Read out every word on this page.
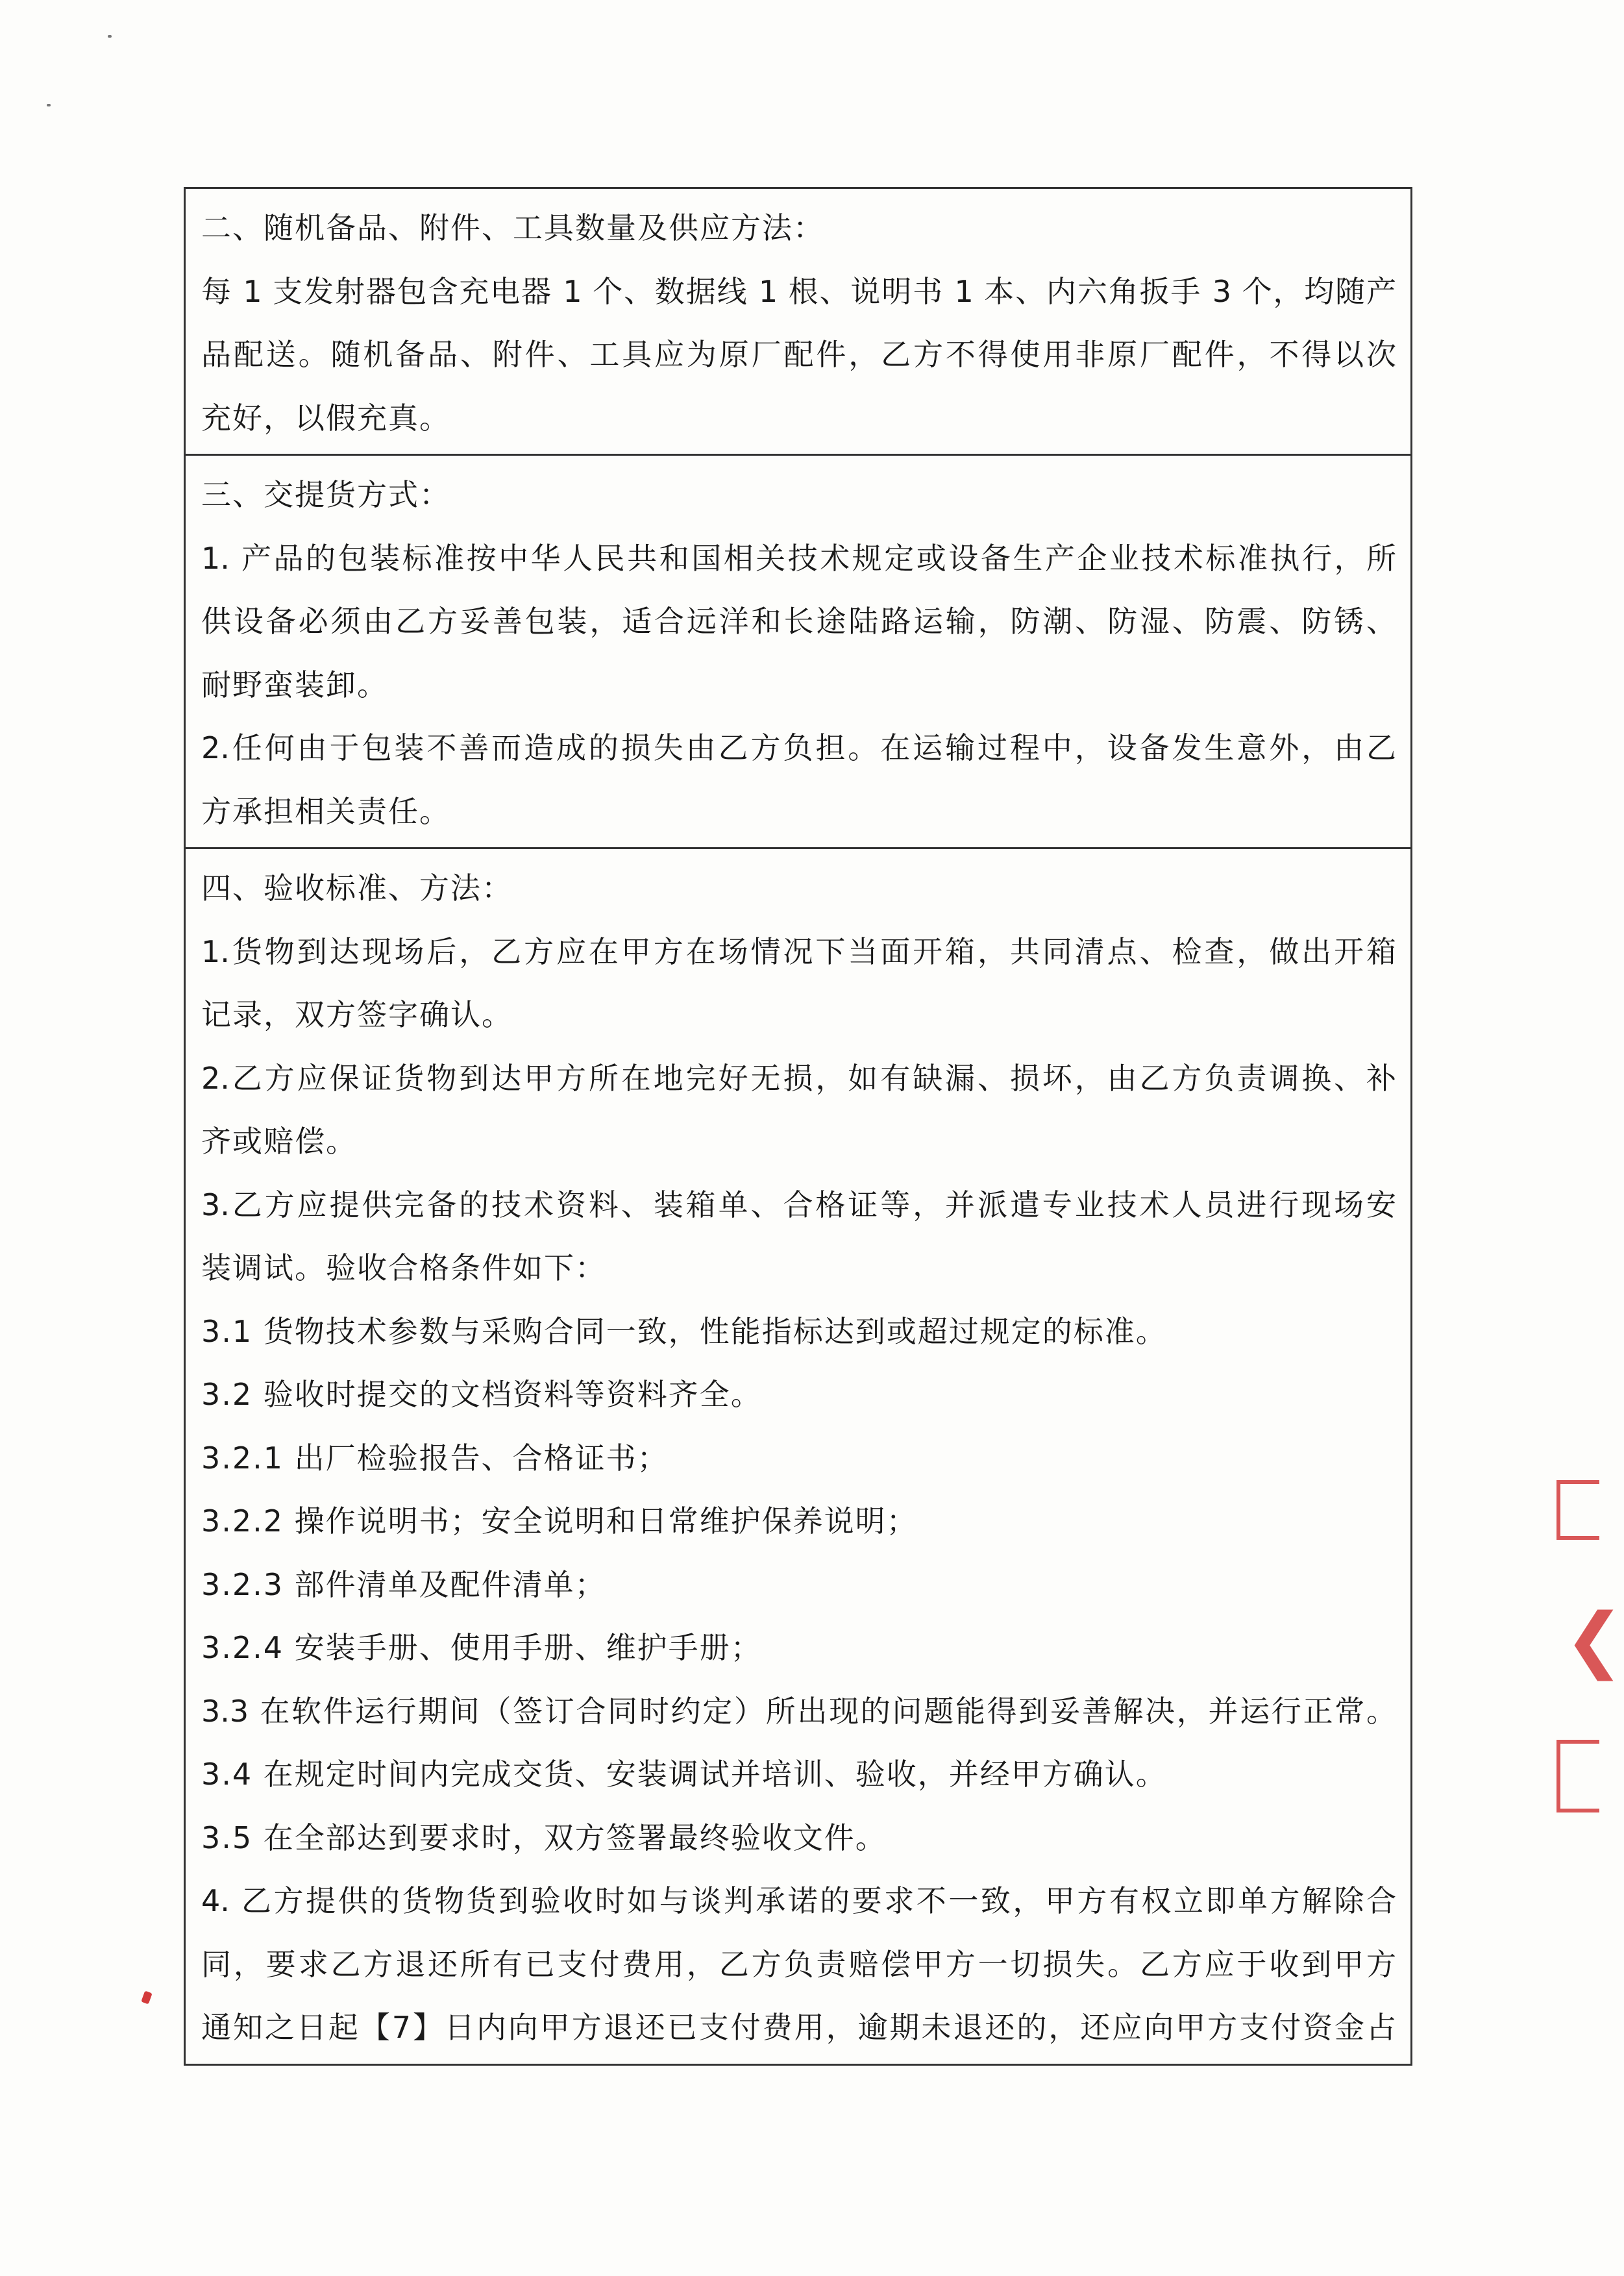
二、随机备品、附件、工具数量及供应方法：
每 1 支发射器包含充电器 1 个、数据线 1 根、说明书 1 本、内六角扳手 3 个，均随产
品配送。随机备品、附件、工具应为原厂配件，乙方不得使用非原厂配件，不得以次
充好，以假充真。
三、交提货方式：
1. 产品的包装标准按中华人民共和国相关技术规定或设备生产企业技术标准执行，所
供设备必须由乙方妥善包装，适合远洋和长途陆路运输，防潮、防湿、防震、防锈、
耐野蛮装卸。
2.任何由于包装不善而造成的损失由乙方负担。在运输过程中，设备发生意外，由乙
方承担相关责任。
四、验收标准、方法：
1.货物到达现场后，乙方应在甲方在场情况下当面开箱，共同清点、检查，做出开箱
记录，双方签字确认。
2.乙方应保证货物到达甲方所在地完好无损，如有缺漏、损坏，由乙方负责调换、补
齐或赔偿。
3.乙方应提供完备的技术资料、装箱单、合格证等，并派遣专业技术人员进行现场安
装调试。验收合格条件如下：
3.1 货物技术参数与采购合同一致，性能指标达到或超过规定的标准。
3.2 验收时提交的文档资料等资料齐全。
3.2.1 出厂检验报告、合格证书；
3.2.2 操作说明书；安全说明和日常维护保养说明；
3.2.3 部件清单及配件清单；
3.2.4 安装手册、使用手册、维护手册；
3.3 在软件运行期间（签订合同时约定）所出现的问题能得到妥善解决，并运行正常。
3.4 在规定时间内完成交货、安装调试并培训、验收，并经甲方确认。
3.5 在全部达到要求时，双方签署最终验收文件。
4. 乙方提供的货物货到验收时如与谈判承诺的要求不一致，甲方有权立即单方解除合
同，要求乙方退还所有已支付费用，乙方负责赔偿甲方一切损失。乙方应于收到甲方
通知之日起【7】日内向甲方退还已支付费用，逾期未退还的，还应向甲方支付资金占
❮
